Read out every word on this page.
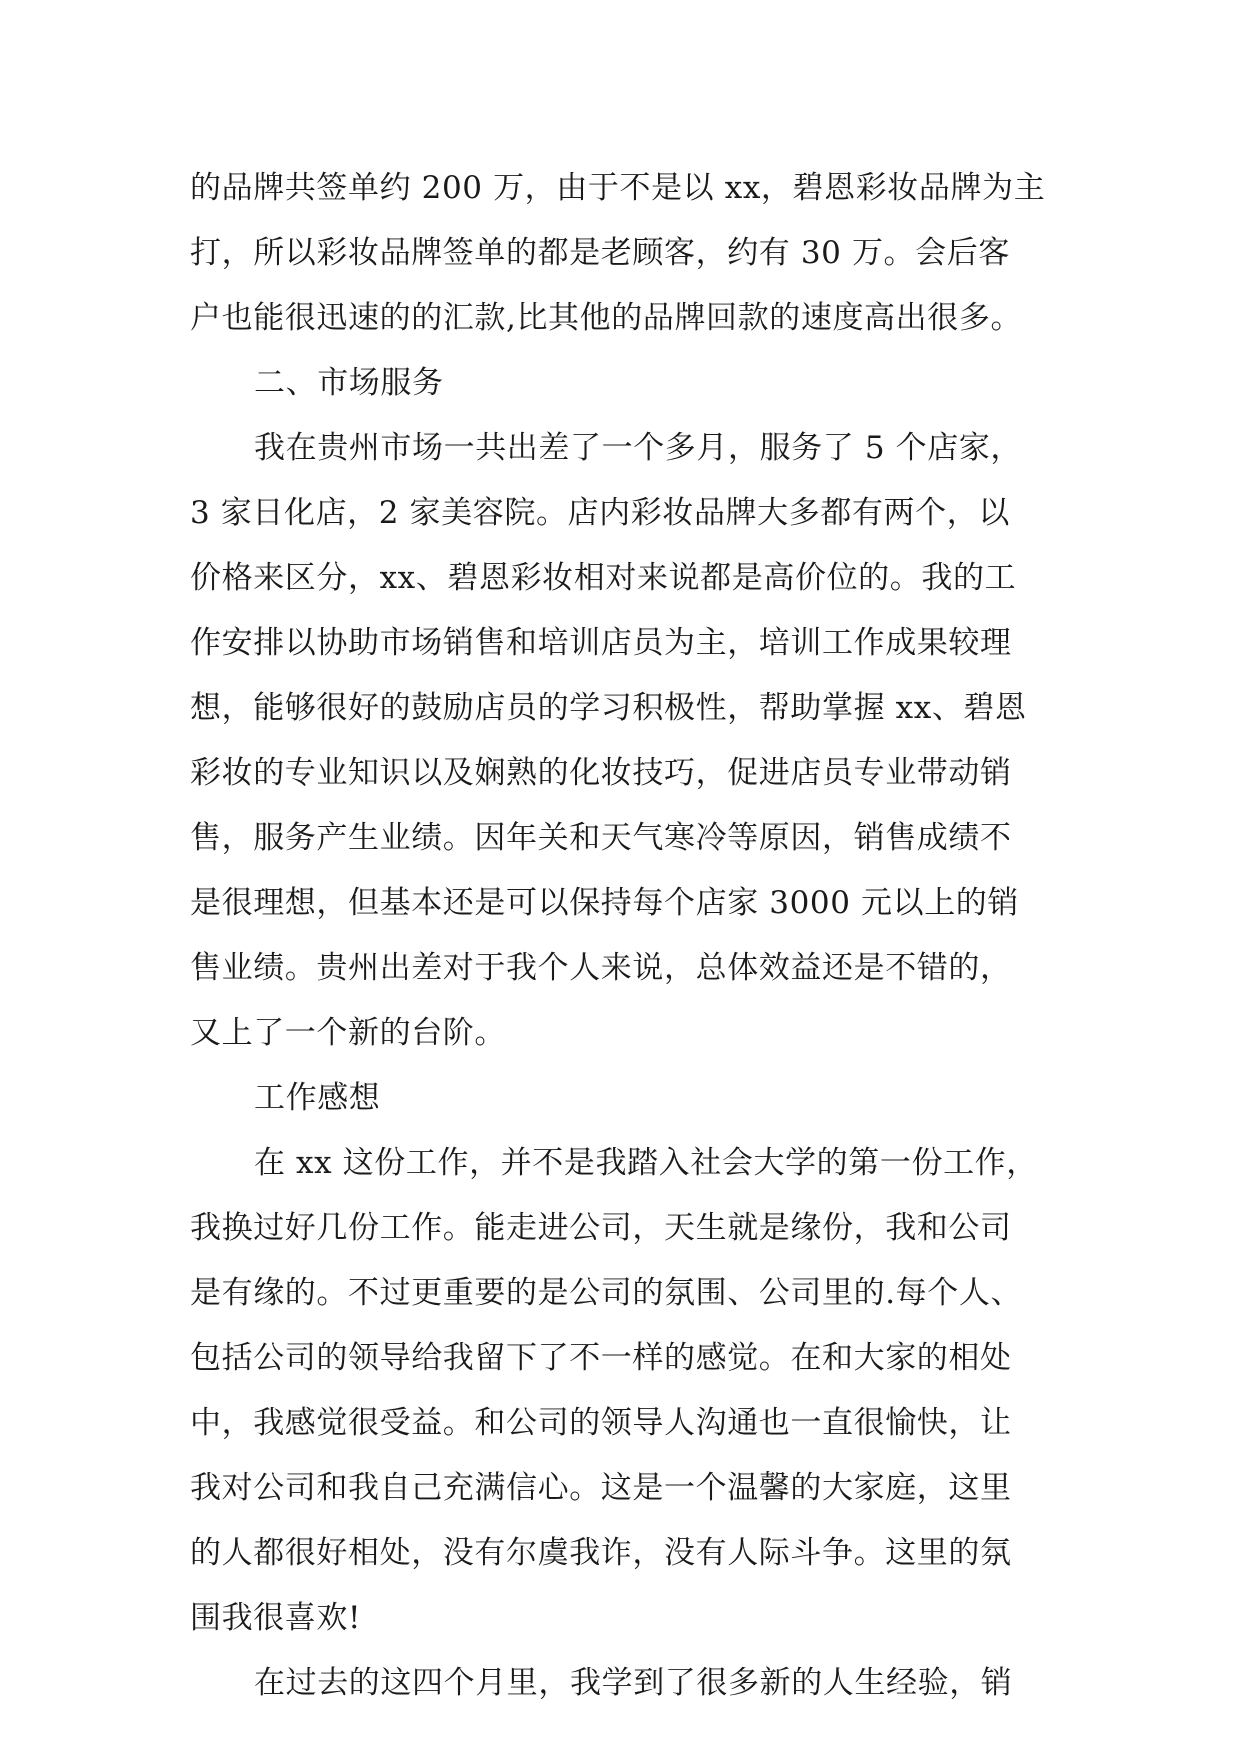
的品牌共签单约 200 万，由于不是以 xx，碧恩彩妆品牌为主
打，所以彩妆品牌签单的都是老顾客，约有 30 万。会后客
户也能很迅速的的汇款,比其他的品牌回款的速度高出很多。
二、市场服务
我在贵州市场一共出差了一个多月，服务了 5 个店家，
3 家日化店，2 家美容院。店内彩妆品牌大多都有两个，以
价格来区分，xx、碧恩彩妆相对来说都是高价位的。我的工
作安排以协助市场销售和培训店员为主，培训工作成果较理
想，能够很好的鼓励店员的学习积极性，帮助掌握 xx、碧恩
彩妆的专业知识以及娴熟的化妆技巧，促进店员专业带动销
售，服务产生业绩。因年关和天气寒冷等原因，销售成绩不
是很理想，但基本还是可以保持每个店家 3000 元以上的销
售业绩。贵州出差对于我个人来说，总体效益还是不错的，
又上了一个新的台阶。
工作感想
在 xx 这份工作，并不是我踏入社会大学的第一份工作，
我换过好几份工作。能走进公司，天生就是缘份，我和公司
是有缘的。不过更重要的是公司的氛围、公司里的.每个人、
包括公司的领导给我留下了不一样的感觉。在和大家的相处
中，我感觉很受益。和公司的领导人沟通也一直很愉快，让
我对公司和我自己充满信心。这是一个温馨的大家庭，这里
的人都很好相处，没有尔虞我诈，没有人际斗争。这里的氛
围我很喜欢!
在过去的这四个月里，我学到了很多新的人生经验，销
